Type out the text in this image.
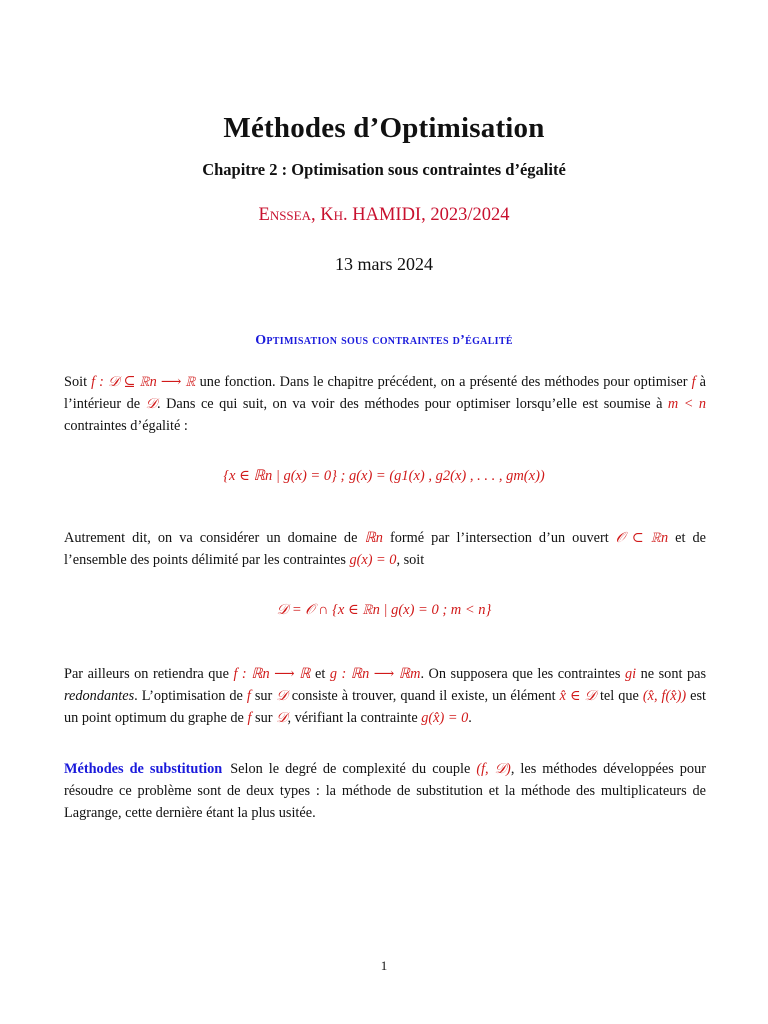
Méthodes d’Optimisation
Chapitre 2 : Optimisation sous contraintes d’égalité
Enssea, Kh. HAMIDI, 2023/2024
13 mars 2024
Optimisation sous contraintes d’égalité
Soit f : 𝒟 ⊆ ℝn ⟶ ℝ une fonction. Dans le chapitre précédent, on a présenté des méthodes pour optimiser f à l’intérieur de 𝒟. Dans ce qui suit, on va voir des méthodes pour optimiser lorsqu’elle est soumise à m < n contraintes d’égalité :
{x ∈ ℝn | g(x) = 0} ; g(x) = (g1(x) , g2(x) , . . . , gm(x))
Autrement dit, on va considérer un domaine de ℝn formé par l’intersection d’un ouvert 𝒪 ⊂ ℝn et de l’ensemble des points délimité par les contraintes g(x) = 0, soit
𝒟 = 𝒪 ∩ {x ∈ ℝn | g(x) = 0 ; m < n}
Par ailleurs on retiendra que f : ℝn ⟶ ℝ et g : ℝn ⟶ ℝm. On supposera que les contraintes gi ne sont pas redondantes. L’optimisation de f sur 𝒟 consiste à trouver, quand il existe, un élément x̂ ∈ 𝒟 tel que (x̂, f(x̂)) est un point optimum du graphe de f sur 𝒟, vérifiant la contrainte g(x̂) = 0.
Méthodes de substitution Selon le degré de complexité du couple (f, 𝒟), les méthodes développées pour résoudre ce problème sont de deux types : la méthode de substitution et la méthode des multiplicateurs de Lagrange, cette dernière étant la plus usitée.
1
